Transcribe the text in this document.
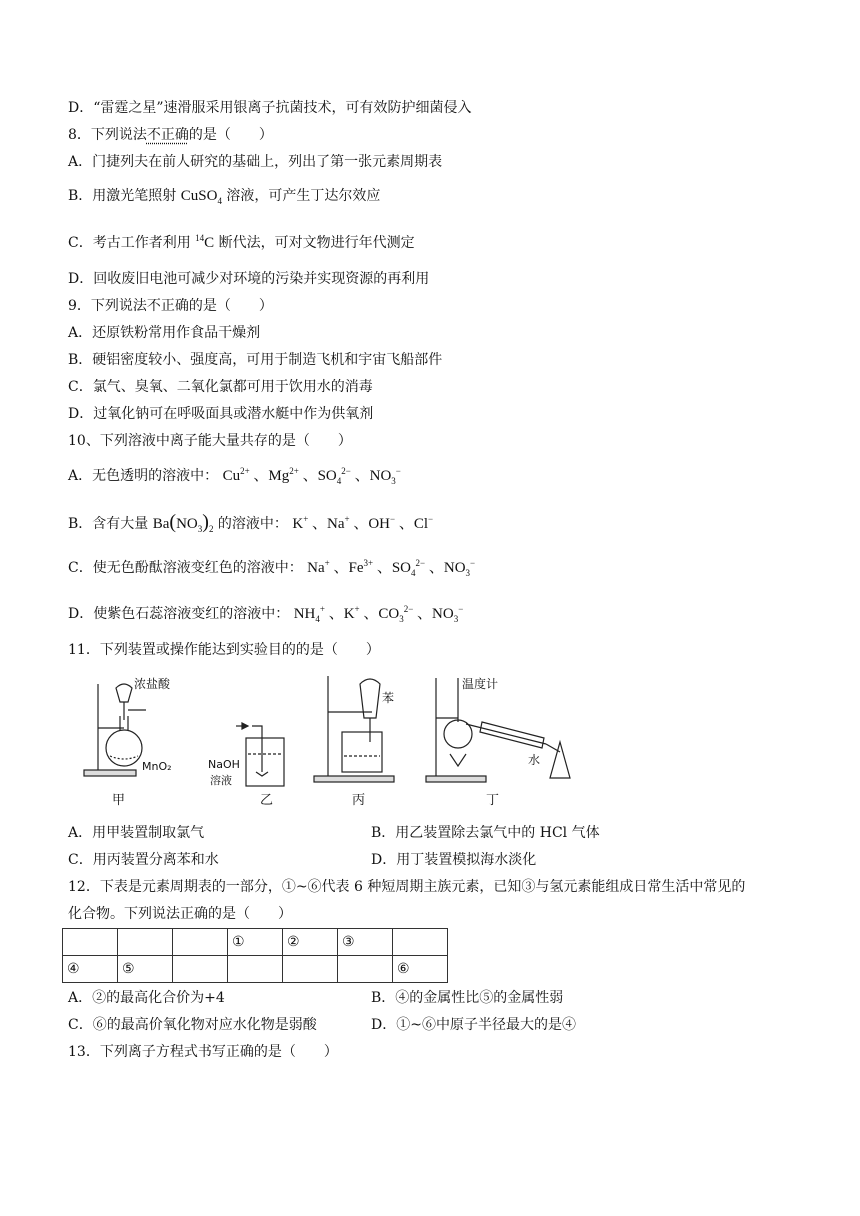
D．“雷霆之星”速滑服采用银离子抗菌技术，可有效防护细菌侵入
8．下列说法不正确的是（　　）
A．门捷列夫在前人研究的基础上，列出了第一张元素周期表
B．用激光笔照射 CuSO$_4$ 溶液，可产生丁达尔效应
C．考古工作者利用 $^{14}$C 断代法，可对文物进行年代测定
D．回收废旧电池可减少对环境的污染并实现资源的再利用
9．下列说法不正确的是（　　）
A．还原铁粉常用作食品干燥剂
B．硬铝密度较小、强度高，可用于制造飞机和宇宙飞船部件
C．氯气、臭氧、二氧化氯都可用于饮用水的消毒
D．过氧化钠可在呼吸面具或潜水艇中作为供氧剂
10、下列溶液中离子能大量共存的是（　　）
A．无色透明的溶液中： $Cu^{2+}$ 、$Mg^{2+}$ 、$SO_4^{2-}$ 、$NO_3^-$
B．含有大量 $Ba(NO_3)_2$ 的溶液中： K+ 、Na+ 、OH− 、Cl−
C．使无色酚酞溶液变红色的溶液中： Na+ 、$Fe^{3+}$ 、$SO_4^{2-}$ 、$NO_3^-$
D．使紫色石蕊溶液变红的溶液中： $NH_4^+$ 、K+ 、$CO_3^{2-}$ 、$NO_3^-$
11．下列装置或操作能达到实验目的的是（　　）
浓盐酸
MnO₂
甲
NaOH
溶液
乙
苯
丙
温度计
水
丁
A．用甲装置制取氯气	B．用乙装置除去氯气中的 HCl 气体
C．用丙装置分离苯和水	D．用丁装置模拟海水淡化
12．下表是元素周期表的一部分，①~⑥代表 6 种短周期主族元素，已知③与氢元素能组成日常生活中常见的
化合物。下列说法正确的是（　　）
			①	②	③	
④	⑤					⑥
A．②的最高化合价为+4	B．④的金属性比⑤的金属性弱
C．⑥的最高价氧化物对应水化物是弱酸	D．①~⑥中原子半径最大的是④
13．下列离子方程式书写正确的是（　　）
